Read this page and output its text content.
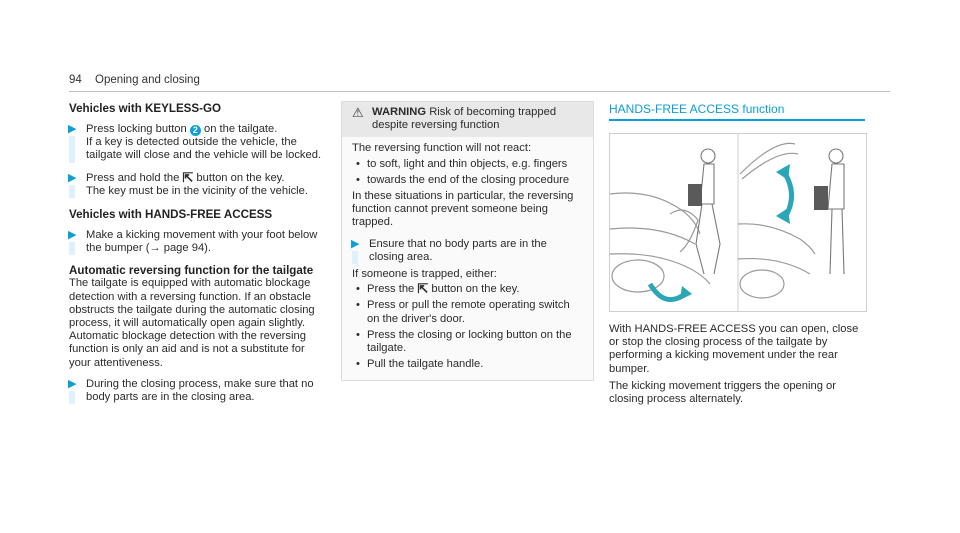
94 Opening and closing
Vehicles with KEYLESS-GO
▶ Press locking button 2 on the tailgate.

If a key is detected outside the vehicle, the tailgate will close and the vehicle will be locked.

▶ Press and hold the ⇱ button on the key.

The key must be in the vicinity of the vehicle.

Vehicles with HANDS-FREE ACCESS
▶ Make a kicking movement with your foot below the bumper (→ page 94).

Automatic reversing function for the tailgate

The tailgate is equipped with automatic blockage detection with a reversing function. If an obstacle obstructs the tailgate during the automatic closing process, it will automatically open again slightly. Automatic blockage detection with the reversing function is only an aid and is not a substitute for your attentiveness.

▶ During the closing process, make sure that no body parts are in the closing area.

⚠ WARNING Risk of becoming trapped despite reversing function

The reversing function will not react:

• to soft, light and thin objects, e.g. fingers
• towards the end of the closing procedure

In these situations in particular, the reversing function cannot prevent someone being trapped.

▶ Ensure that no body parts are in the closing area.

If someone is trapped, either:

• Press the ⇱ button on the key.
• Press or pull the remote operating switch on the driver's door.
• Press the closing or locking button on the tailgate.
• Pull the tailgate handle.
HANDS-FREE ACCESS function

With HANDS-FREE ACCESS you can open, close or stop the closing process of the tailgate by performing a kicking movement under the rear bumper.

The kicking movement triggers the opening or closing process alternately.
